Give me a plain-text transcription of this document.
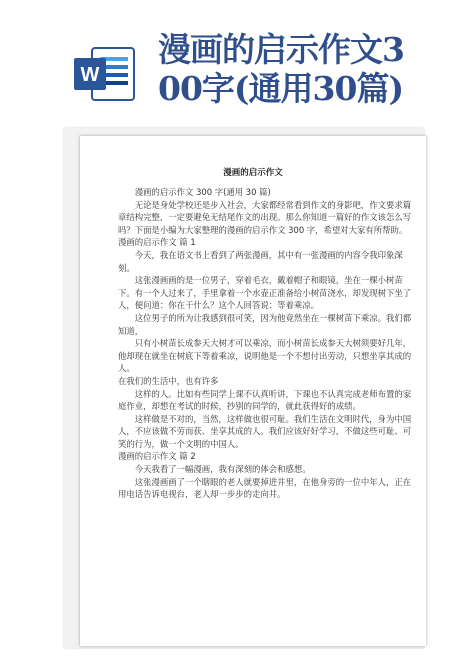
W
漫画的启示作文3
00字(通用30篇)
漫画的启示作文

漫画的启示作文 300 字(通用 30 篇)

无论是身处学校还是步入社会，大家都经常看到作文的身影吧，作文要求篇章结构完整，一定要避免无结尾作文的出现。那么你知道一篇好的作文该怎么写吗？下面是小编为大家整理的漫画的启示作文 300 字，希望对大家有所帮助。

漫画的启示作文 篇 1

今天，我在语文书上看到了两张漫画，其中有一张漫画的内容令我印象深刻。

这张漫画画的是一位男子，穿着毛衣，戴着帽子和眼镜，坐在一棵小树苗下。有一个人过来了，手里拿着一个水壶正准备给小树苗浇水，却发现树下坐了人，便问道：你在干什么？这个人回答说：等着乘凉。

这位男子的所为让我感到很可笑，因为他竟然坐在一棵树苗下乘凉。我们都知道，

只有小树苗长成参天大树才可以乘凉，而小树苗长成参天大树须要好几年，他却现在就坐在树底下等着乘凉，说明他是一个不想付出劳动，只想坐享其成的人。

在我们的生活中，也有许多

这样的人。比如有些同学上课不认真听讲，下课也不认真完成老师布置的家庭作业，却想在考试的时候，抄别的同学的，就此获得好的成绩。

这样做是不对的，当然，这样做也很可耻。我们生活在文明时代，身为中国人，不应该做不劳而获、坐享其成的人。我们应该好好学习，不做这些可耻、可笑的行为，做一个文明的中国人。

漫画的启示作文 篇 2

今天我看了一幅漫画，我有深刻的体会和感想。

这张漫画画了一个瞎眼的老人就要掉进井里，在他身旁的一位中年人，正在用电话告诉电视台，老人却一步步的走向井。
